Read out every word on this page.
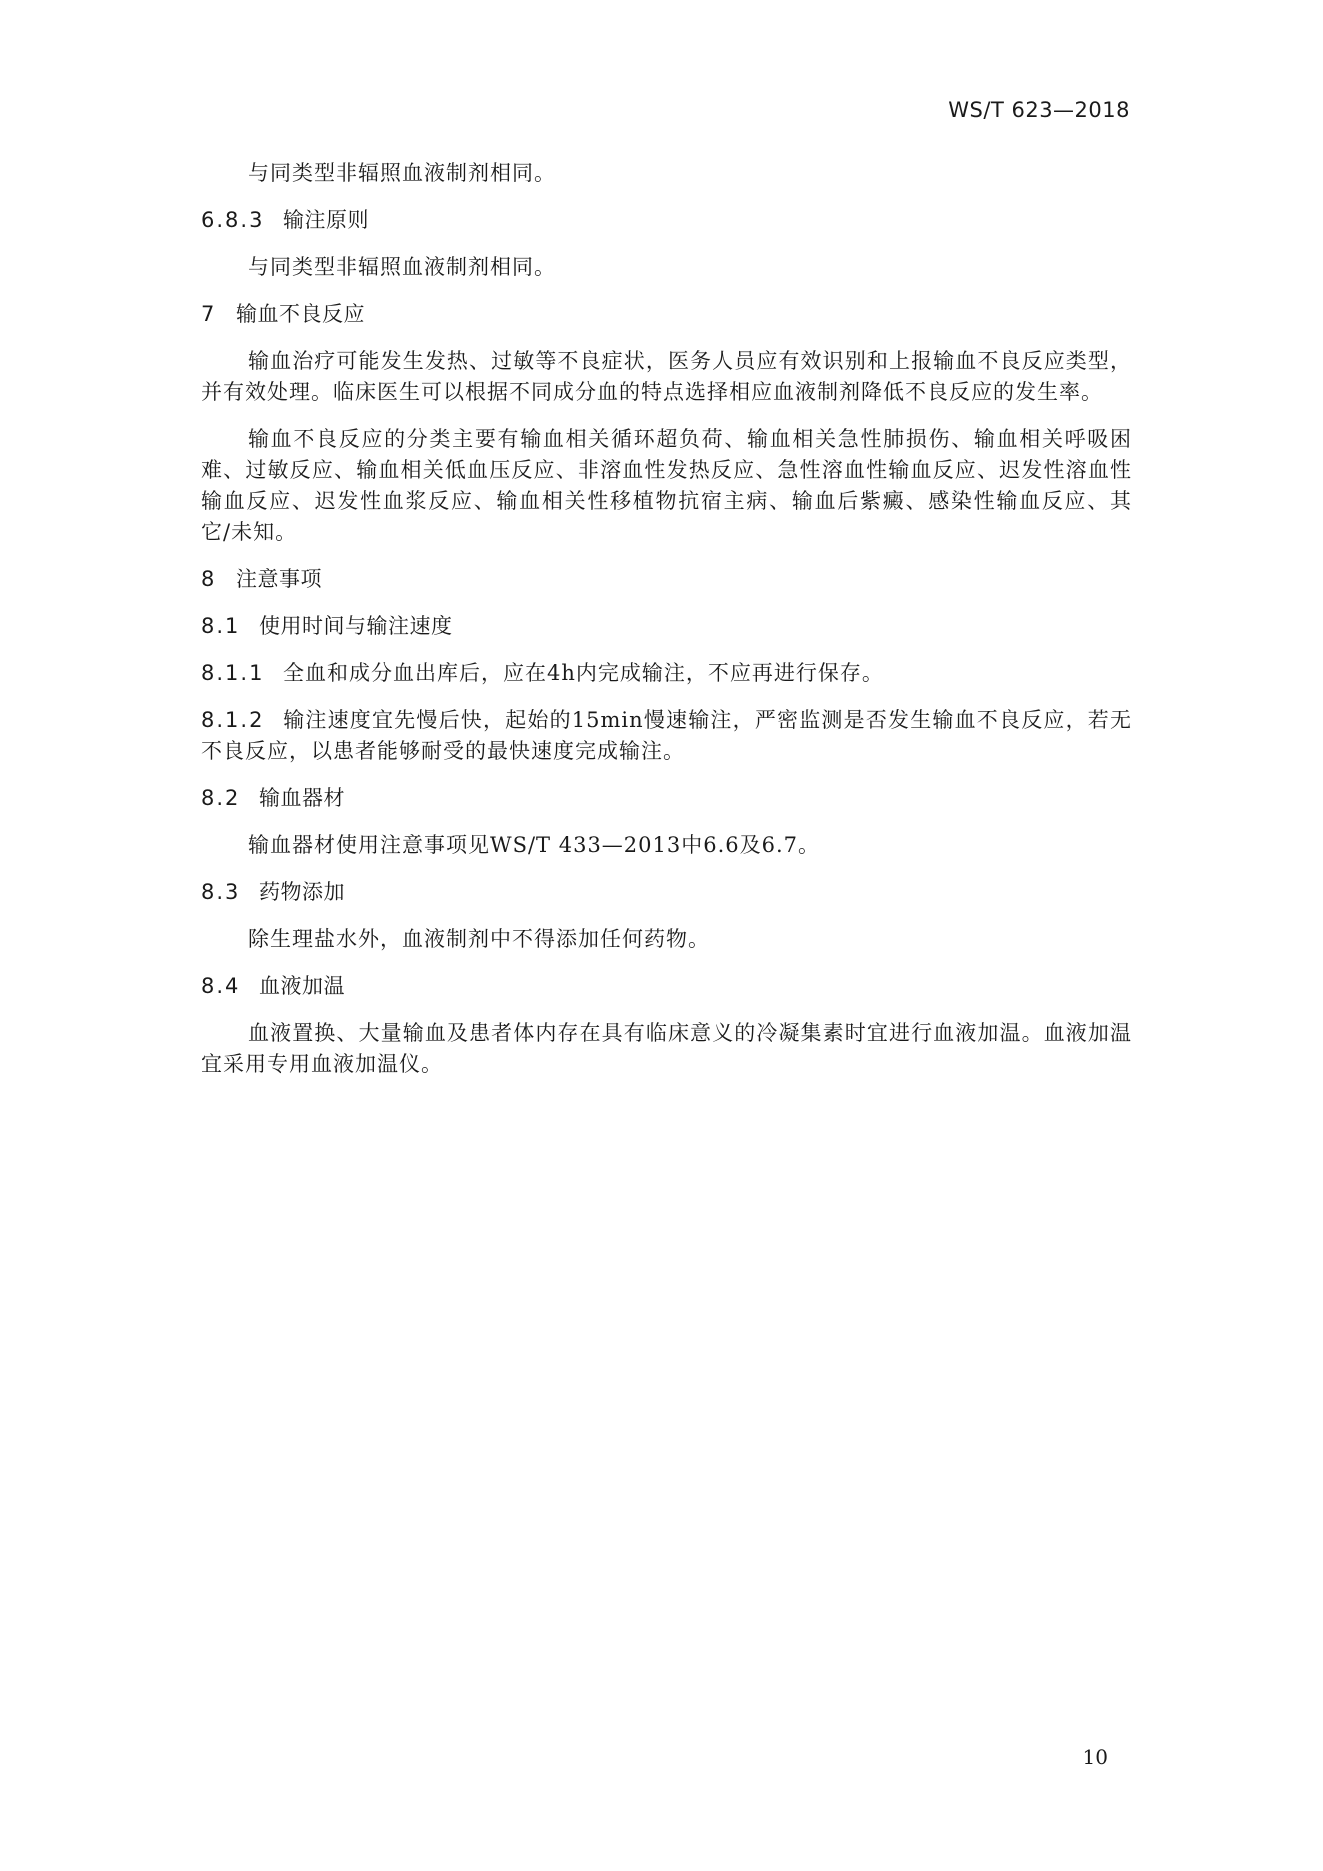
WS/T 623—2018

与同类型非辐照血液制剂相同。

6.8.3 输注原则

与同类型非辐照血液制剂相同。

7 输血不良反应

输血治疗可能发生发热、过敏等不良症状，医务人员应有效识别和上报输血不良反应类型，并有效处理。临床医生可以根据不同成分血的特点选择相应血液制剂降低不良反应的发生率。

输血不良反应的分类主要有输血相关循环超负荷、输血相关急性肺损伤、输血相关呼吸困难、过敏反应、输血相关低血压反应、非溶血性发热反应、急性溶血性输血反应、迟发性溶血性输血反应、迟发性血浆反应、输血相关性移植物抗宿主病、输血后紫癜、感染性输血反应、其它/未知。

8 注意事项
8.1 使用时间与输注速度

8.1.1 全血和成分血出库后，应在4h内完成输注，不应再进行保存。

8.1.2 输注速度宜先慢后快，起始的15min慢速输注，严密监测是否发生输血不良反应，若无不良反应，以患者能够耐受的最快速度完成输注。

8.2 输血器材

输血器材使用注意事项见WS/T 433—2013中6.6及6.7。

8.3 药物添加

除生理盐水外，血液制剂中不得添加任何药物。

8.4 血液加温

血液置换、大量输血及患者体内存在具有临床意义的冷凝集素时宜进行血液加温。血液加温宜采用专用血液加温仪。

10
